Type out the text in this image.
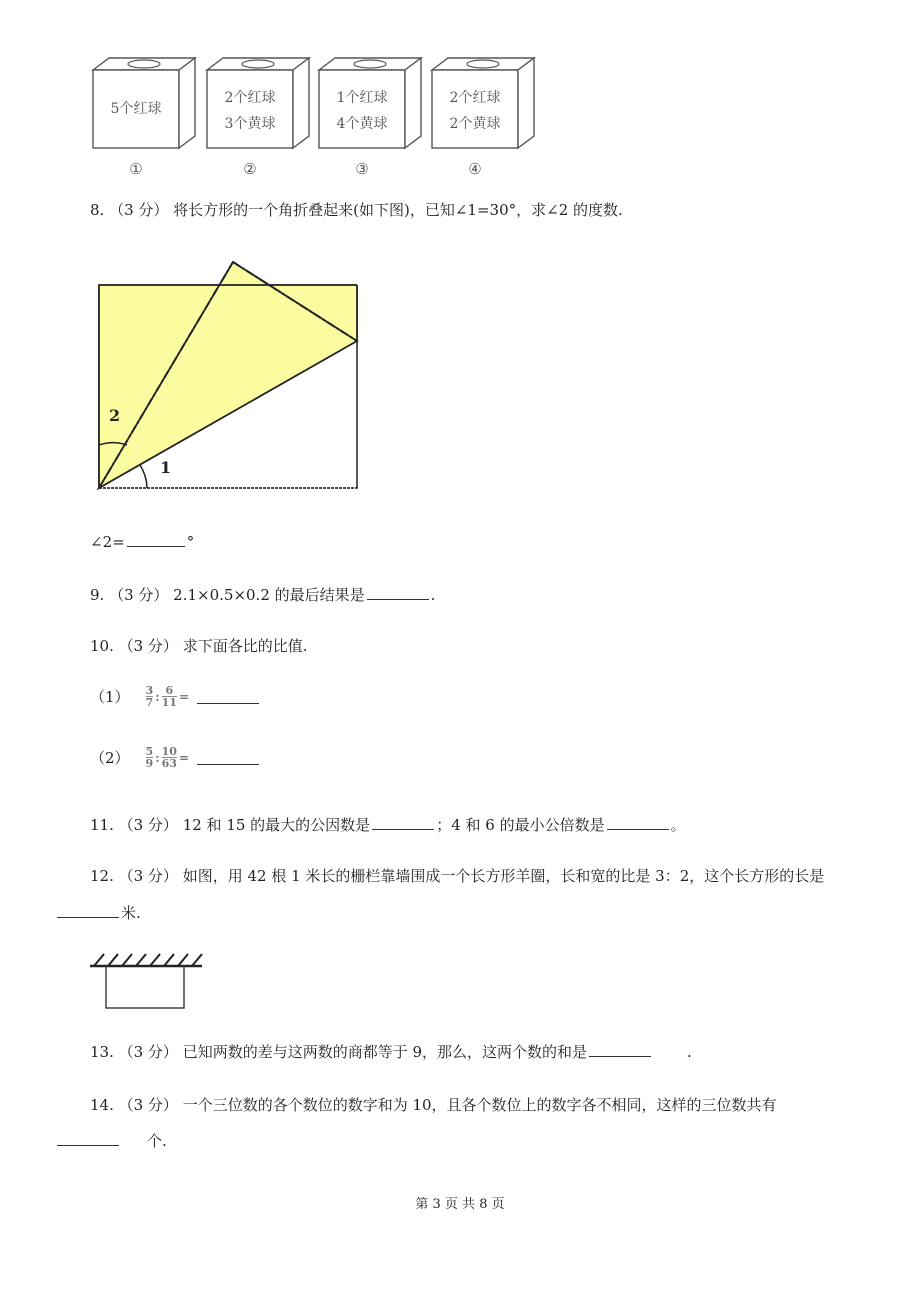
5个红球
2个红球
3个黄球
1个红球
4个黄球
2个红球
2个黄球
①	②	③	④
8. （3 分） 将长方形的一个角折叠起来(如下图)，已知∠1=30°，求∠2 的度数.
1
2
∠2=	°
9. （3 分） 2.1×0.5×0.2 的最后结果是	.
10. （3 分） 求下面各比的比值.
$(1) \frac{3}{7}$ : $\frac{6}{11}$ =
$(2) \frac{5}{9}$ : $\frac{10}{63}$ =
11. （3 分） 12 和 15 的最大的公因数是	；4 和 6 的最小公倍数是	。
12. （3 分） 如图，用 42 根 1 米长的栅栏靠墙围成一个长方形羊圈，长和宽的比是 3：2，这个长方形的长是
米.
13. （3 分） 已知两数的差与这两数的商都等于 9，那么，这两个数的和是	.
14. （3 分） 一个三位数的各个数位的数字和为 10，且各个数位上的数字各不相同，这样的三位数共有
个.
第 3 页 共 8 页
